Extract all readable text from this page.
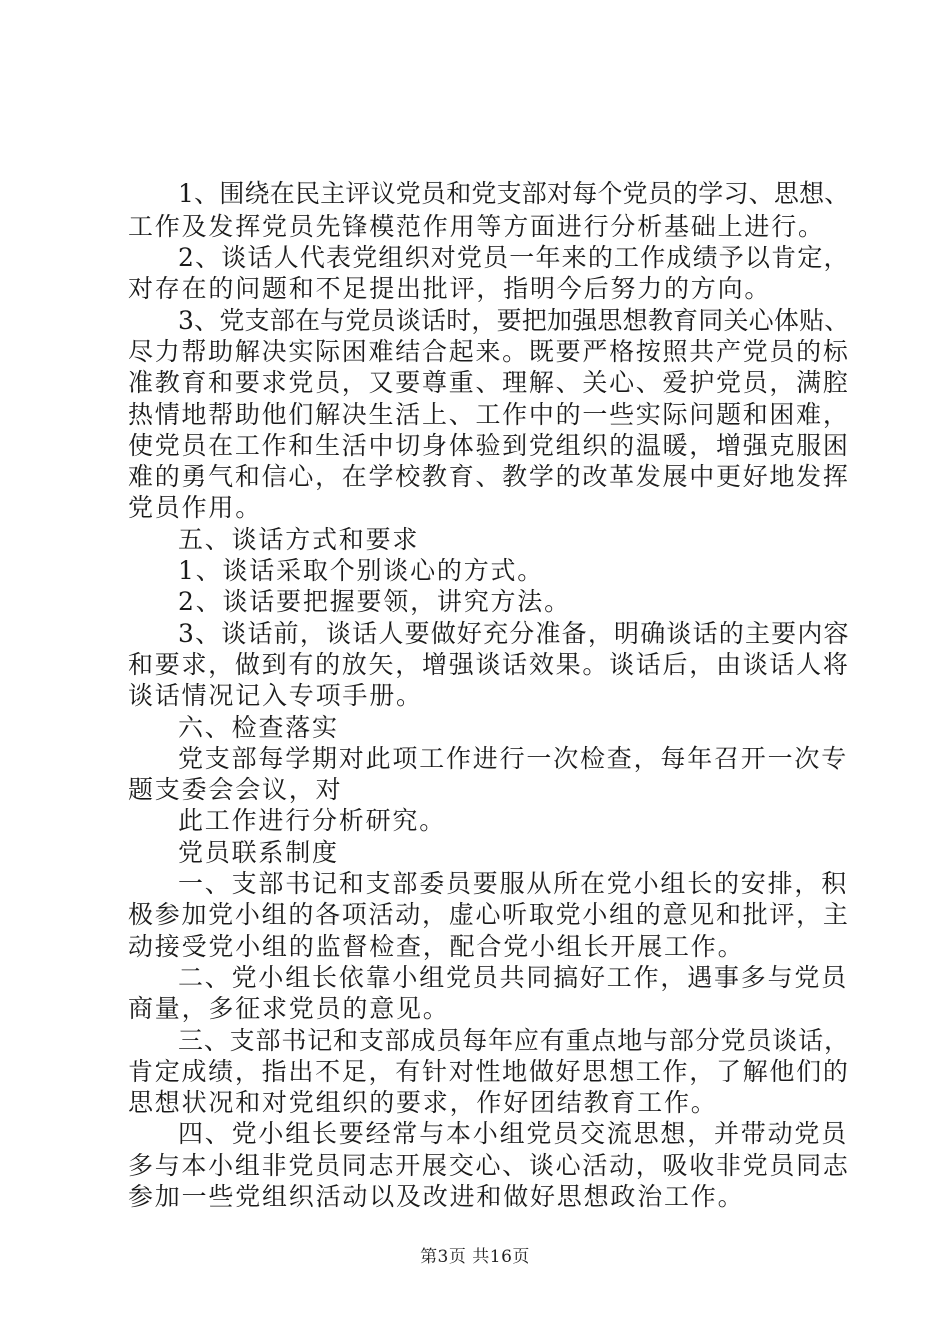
1、围绕在民主评议党员和党支部对每个党员的学习、思想、
工作及发挥党员先锋模范作用等方面进行分析基础上进行。
2、谈话人代表党组织对党员一年来的工作成绩予以肯定，
对存在的问题和不足提出批评，指明今后努力的方向。
3、党支部在与党员谈话时，要把加强思想教育同关心体贴、
尽力帮助解决实际困难结合起来。既要严格按照共产党员的标
准教育和要求党员，又要尊重、理解、关心、爱护党员，满腔
热情地帮助他们解决生活上、工作中的一些实际问题和困难，
使党员在工作和生活中切身体验到党组织的温暖，增强克服困
难的勇气和信心，在学校教育、教学的改革发展中更好地发挥
党员作用。
五、谈话方式和要求
1、谈话采取个别谈心的方式。
2、谈话要把握要领，讲究方法。
3、谈话前，谈话人要做好充分准备，明确谈话的主要内容
和要求，做到有的放矢，增强谈话效果。谈话后，由谈话人将
谈话情况记入专项手册。
六、检查落实
党支部每学期对此项工作进行一次检查，每年召开一次专
题支委会会议，对
此工作进行分析研究。
党员联系制度
一、支部书记和支部委员要服从所在党小组长的安排，积
极参加党小组的各项活动，虚心听取党小组的意见和批评，主
动接受党小组的监督检查，配合党小组长开展工作。
二、党小组长依靠小组党员共同搞好工作，遇事多与党员
商量，多征求党员的意见。
三、支部书记和支部成员每年应有重点地与部分党员谈话，
肯定成绩，指出不足，有针对性地做好思想工作，了解他们的
思想状况和对党组织的要求，作好团结教育工作。
四、党小组长要经常与本小组党员交流思想，并带动党员
多与本小组非党员同志开展交心、谈心活动，吸收非党员同志
参加一些党组织活动以及改进和做好思想政治工作。
第3页 共16页
